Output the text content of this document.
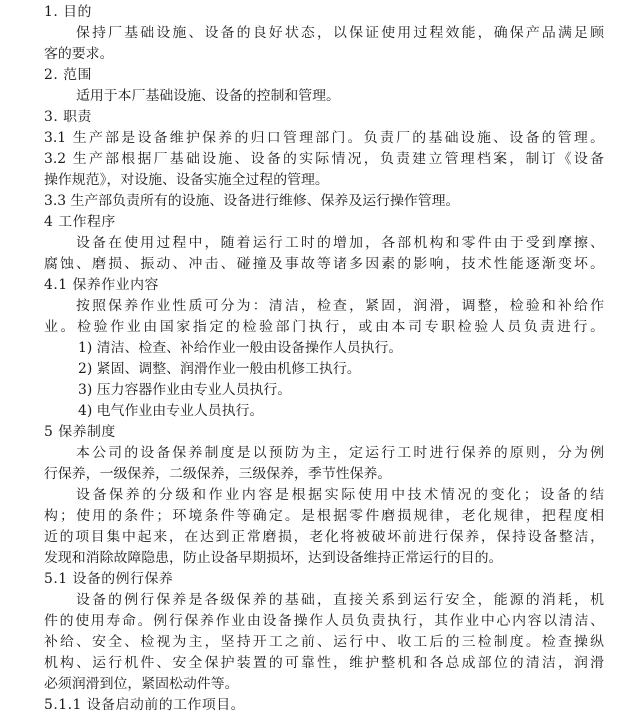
1. 目的
保持厂基础设施、设备的良好状态，以保证使用过程效能，确保产品满足顾
客的要求。
2. 范围
适用于本厂基础设施、设备的控制和管理。
3. 职责
3.1 生产部是设备维护保养的归口管理部门。负责厂的基础设施、设备的管理。
3.2 生产部根据厂基础设施、设备的实际情况，负责建立管理档案，制订《设备
操作规范》，对设施、设备实施全过程的管理。
3.3 生产部负责所有的设施、设备进行维修、保养及运行操作管理。
4 工作程序
设备在使用过程中，随着运行工时的增加，各部机构和零件由于受到摩擦、
腐蚀、磨损、振动、冲击、碰撞及事故等诸多因素的影响，技术性能逐渐变坏。
4.1 保养作业内容
按照保养作业性质可分为：清洁，检查，紧固，润滑，调整，检验和补给作
业。检验作业由国家指定的检验部门执行，或由本司专职检验人员负责进行。
1) 清洁、检查、补给作业一般由设备操作人员执行。
2) 紧固、调整、润滑作业一般由机修工执行。
3) 压力容器作业由专业人员执行。
4) 电气作业由专业人员执行。
5 保养制度
本公司的设备保养制度是以预防为主，定运行工时进行保养的原则，分为例
行保养，一级保养，二级保养，三级保养，季节性保养。
设备保养的分级和作业内容是根据实际使用中技术情况的变化；设备的结
构；使用的条件；环境条件等确定。是根据零件磨损规律，老化规律，把程度相
近的项目集中起来，在达到正常磨损，老化将被破坏前进行保养，保持设备整洁，
发现和消除故障隐患，防止设备早期损坏，达到设备维持正常运行的目的。
5.1 设备的例行保养
设备的例行保养是各级保养的基础，直接关系到运行安全，能源的消耗，机
件的使用寿命。例行保养作业由设备操作人员负责执行，其作业中心内容以清洁、
补给、安全、检视为主，坚持开工之前、运行中、收工后的三检制度。检查操纵
机构、运行机件、安全保护装置的可靠性，维护整机和各总成部位的清洁，润滑
必须润滑到位，紧固松动件等。
5.1.1 设备启动前的工作项目。
